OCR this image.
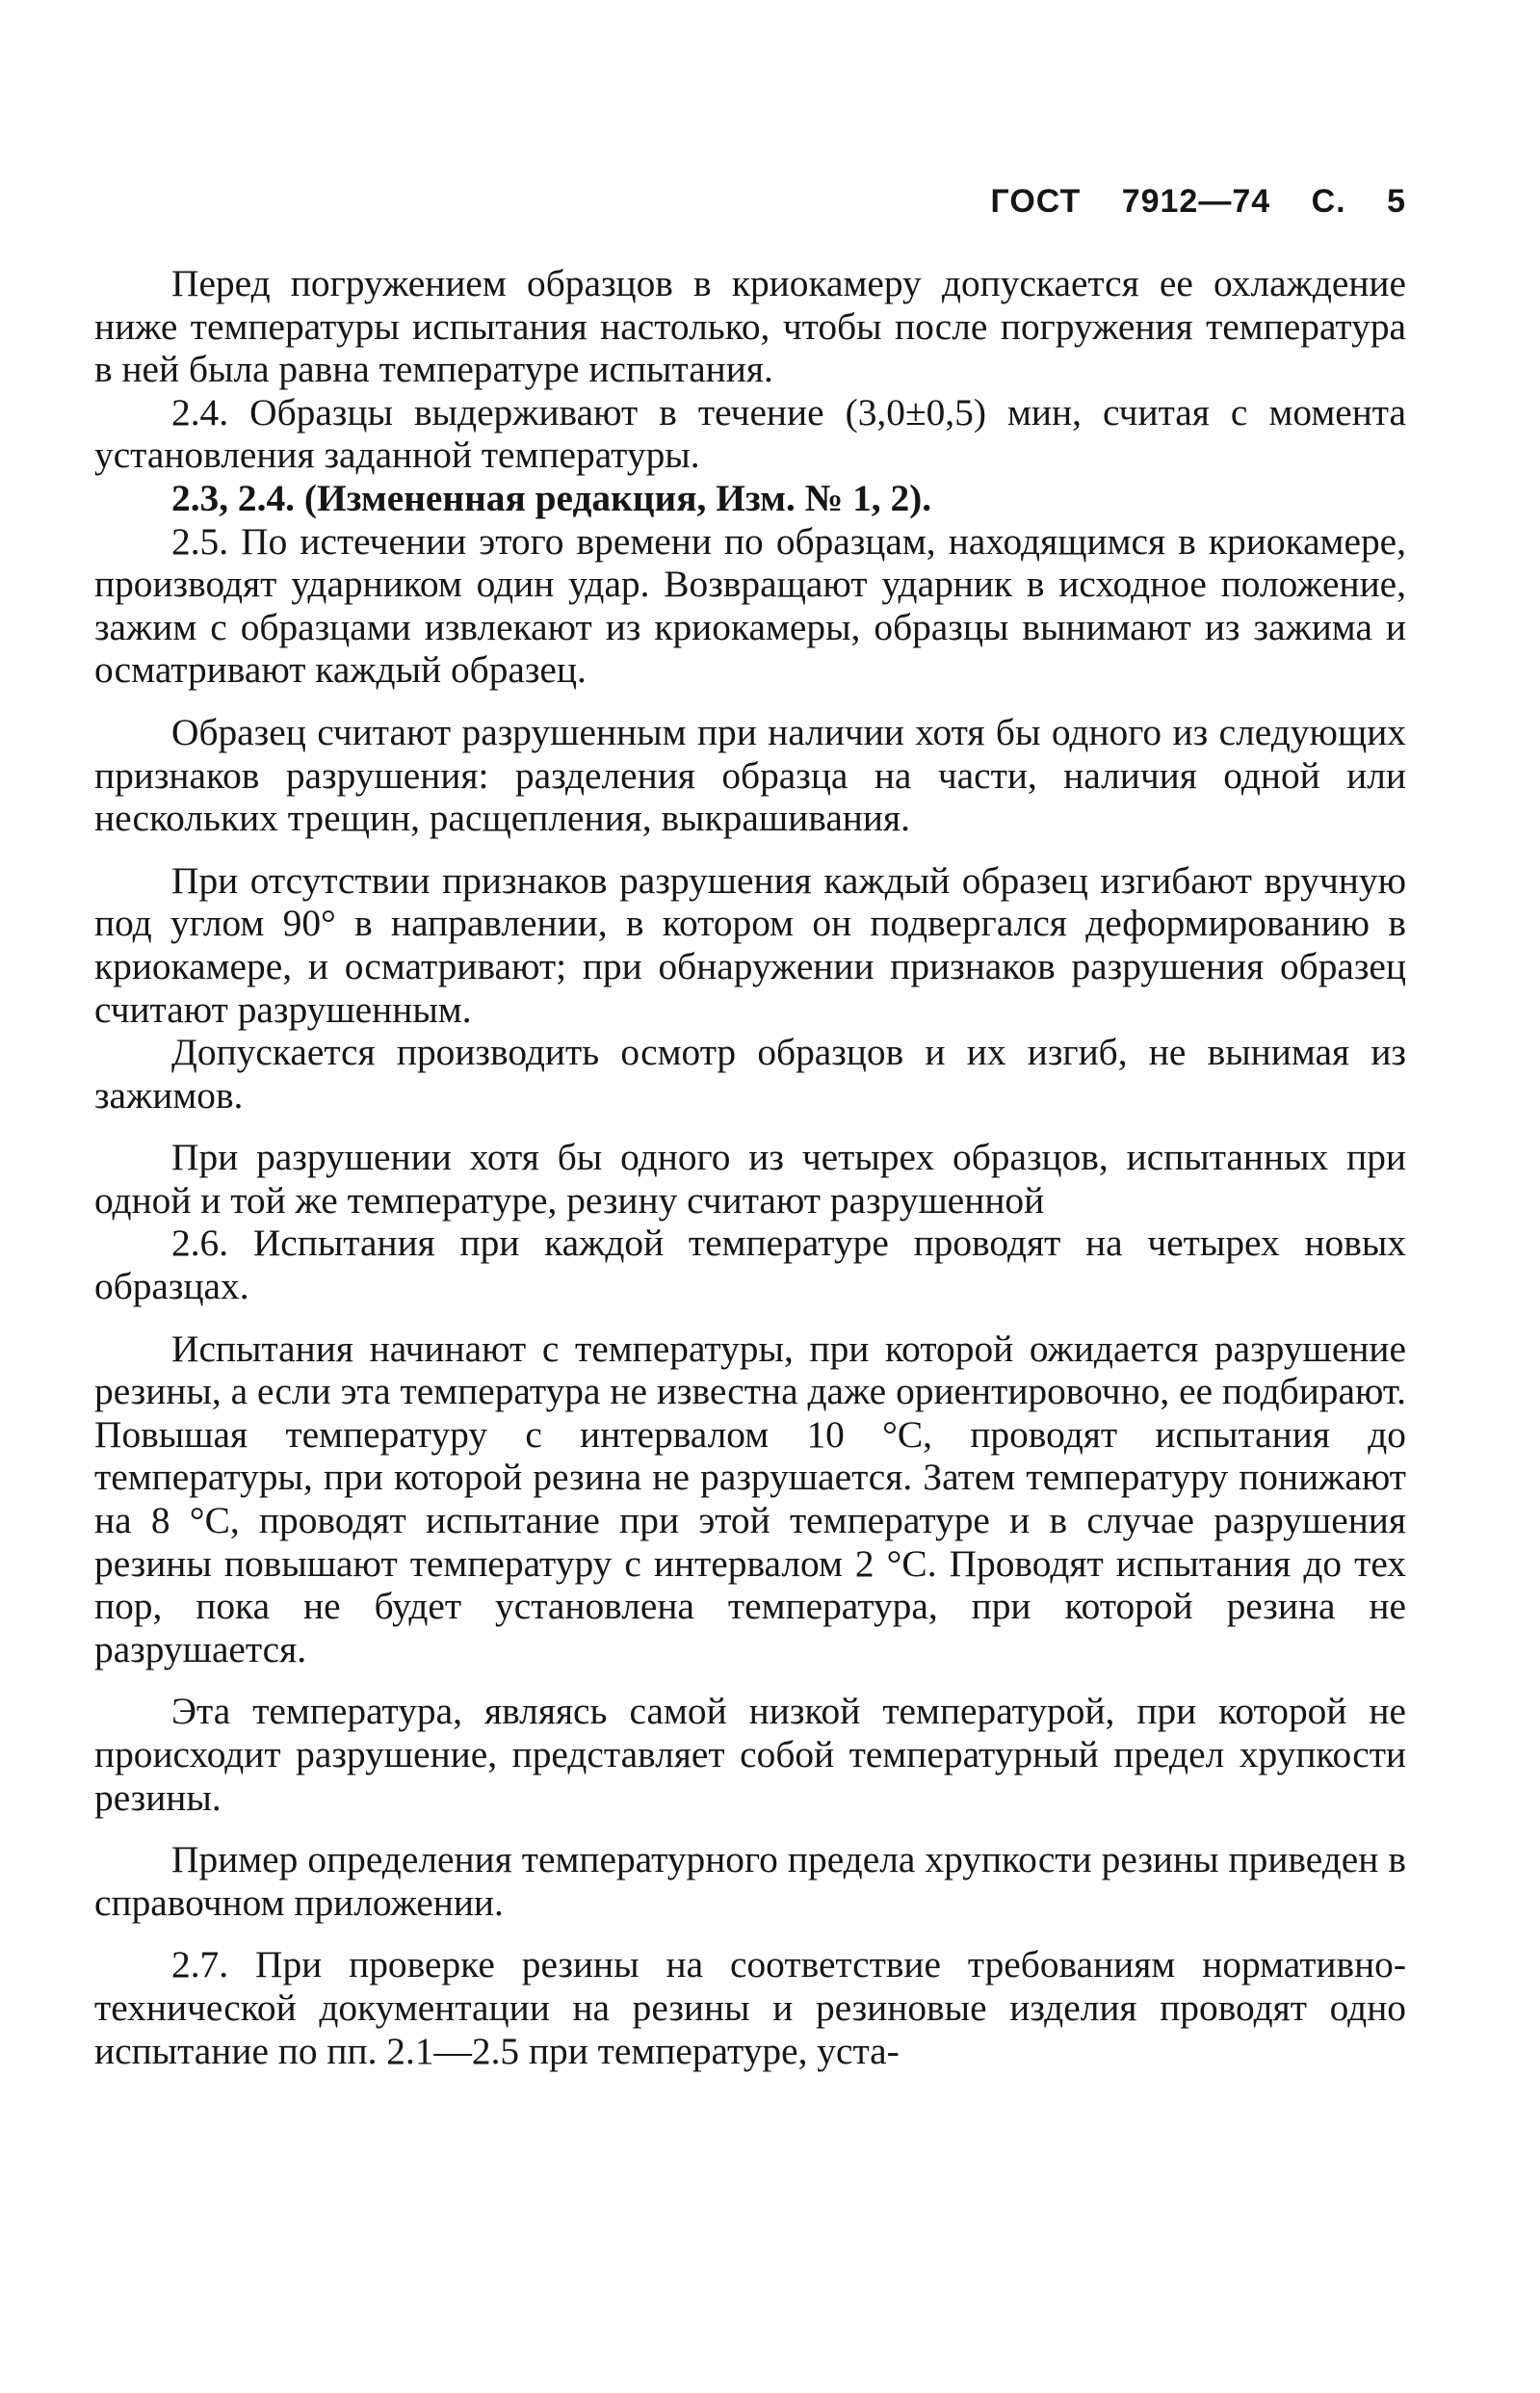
ГОСТ 7912—74 С. 5

Перед погружением образцов в криокамеру допускается ее охлаждение ниже температуры испытания настолько, чтобы после погружения температура в ней была равна температуре испытания.

2.4. Образцы выдерживают в течение (3,0±0,5) мин, считая с момента установления заданной температуры.

2.3, 2.4. (Измененная редакция, Изм. № 1, 2).

2.5. По истечении этого времени по образцам, находящимся в криокамере, производят ударником один удар. Возвращают ударник в исходное положение, зажим с образцами извлекают из криокамеры, образцы вынимают из зажима и осматривают каждый образец.

Образец считают разрушенным при наличии хотя бы одного из следующих признаков разрушения: разделения образца на части, наличия одной или нескольких трещин, расщепления, выкрашивания.

При отсутствии признаков разрушения каждый образец изгибают вручную под углом 90° в направлении, в котором он подвергался деформированию в криокамере, и осматривают; при обнаружении признаков разрушения образец считают разрушенным.

Допускается производить осмотр образцов и их изгиб, не вынимая из зажимов.

При разрушении хотя бы одного из четырех образцов, испытанных при одной и той же температуре, резину считают разрушенной

2.6. Испытания при каждой температуре проводят на четырех новых образцах.

Испытания начинают с температуры, при которой ожидается разрушение резины, а если эта температура не известна даже ориентировочно, ее подбирают. Повышая температуру с интервалом 10 °С, проводят испытания до температуры, при которой резина не разрушается. Затем температуру понижают на 8 °С, проводят испытание при этой температуре и в случае разрушения резины повышают температуру с интервалом 2 °С. Проводят испытания до тех пор, пока не будет установлена температура, при которой резина не разрушается.

Эта температура, являясь самой низкой температурой, при которой не происходит разрушение, представляет собой температурный предел хрупкости резины.

Пример определения температурного предела хрупкости резины приведен в справочном приложении.

2.7. При проверке резины на соответствие требованиям нормативно-технической документации на резины и резиновые изделия проводят одно испытание по пп. 2.1—2.5 при температуре, уста-
